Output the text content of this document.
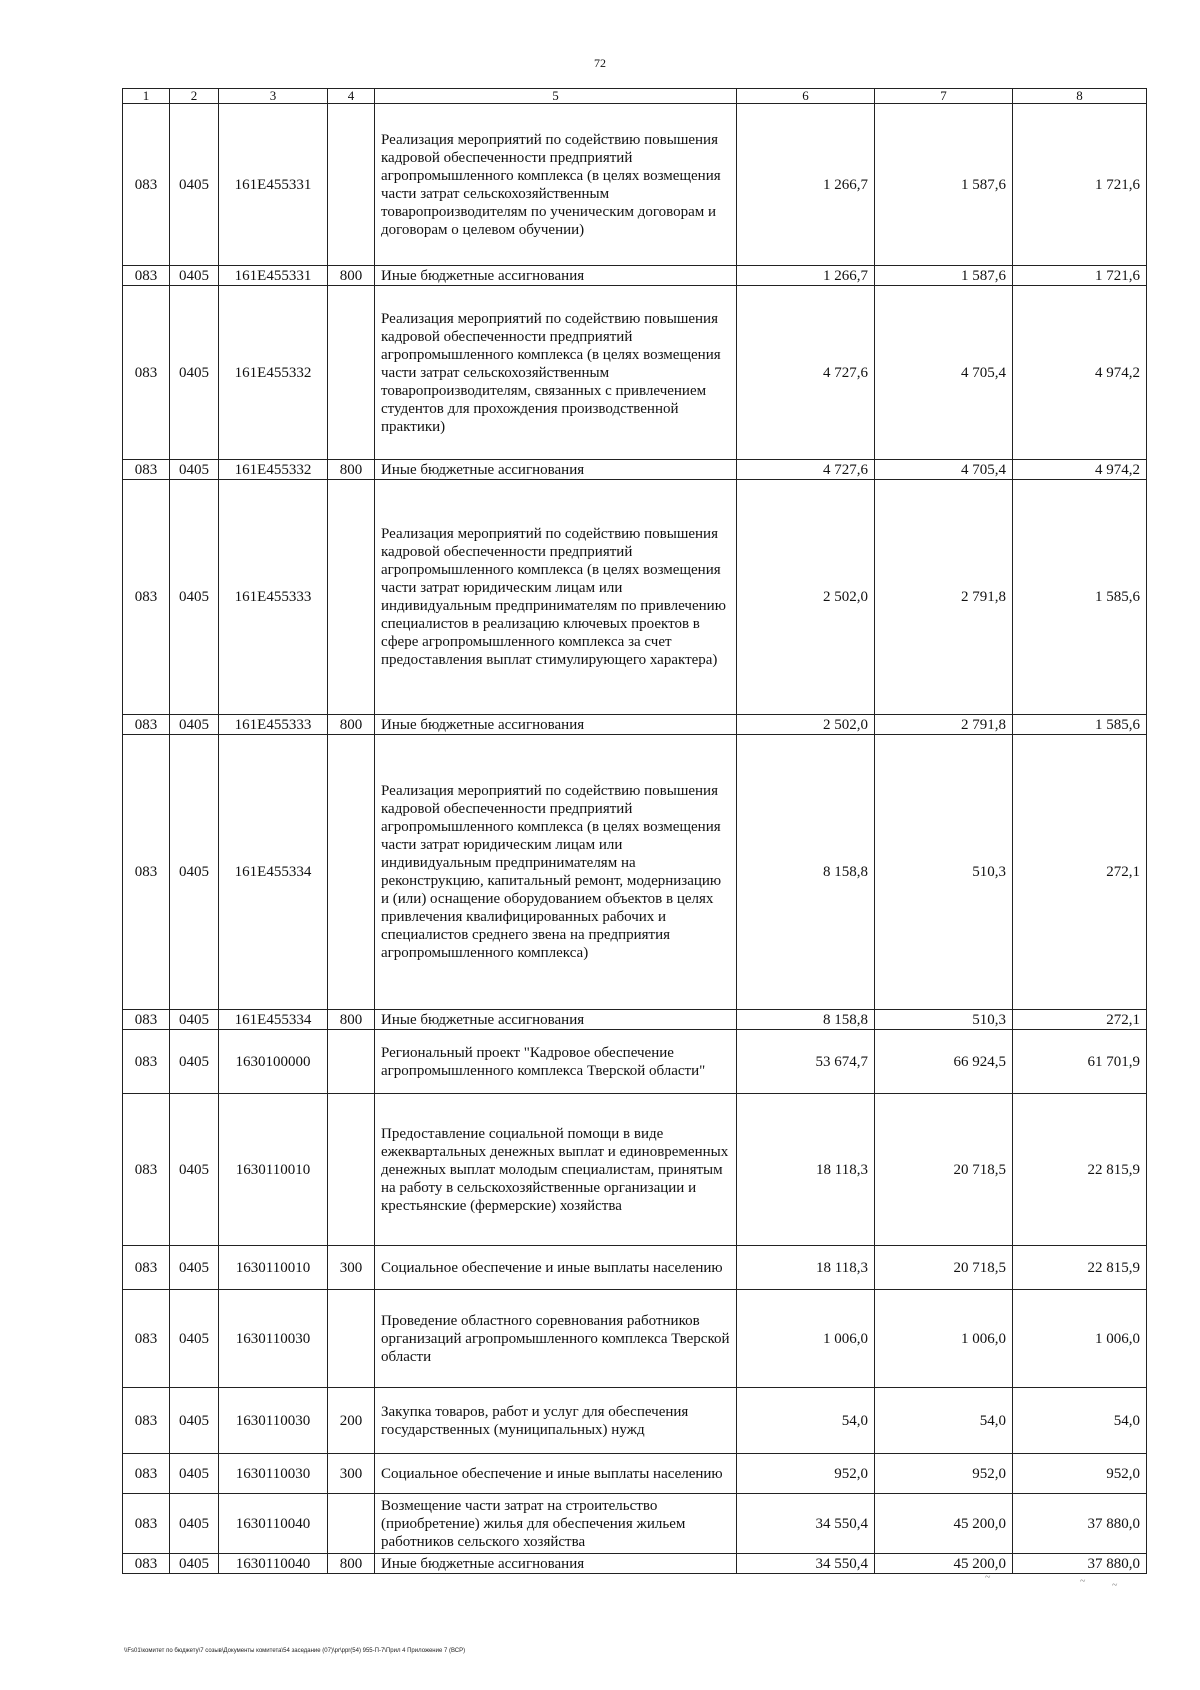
72
1	2	3	4	5	6	7	8
083	0405	161E455331		Реализация мероприятий по содействию повышения кадровой обеспеченности предприятий агропромышленного комплекса (в целях возмещения части затрат сельскохозяйственным товаропроизводителям по ученическим договорам и договорам о целевом обучении)	1 266,7	1 587,6	1 721,6
083	0405	161E455331	800	Иные бюджетные ассигнования	1 266,7	1 587,6	1 721,6
083	0405	161E455332		Реализация мероприятий по содействию повышения кадровой обеспеченности предприятий агропромышленного комплекса (в целях возмещения части затрат сельскохозяйственным товаропроизводителям, связанных с привлечением студентов для прохождения производственной практики)	4 727,6	4 705,4	4 974,2
083	0405	161E455332	800	Иные бюджетные ассигнования	4 727,6	4 705,4	4 974,2
083	0405	161E455333		Реализация мероприятий по содействию повышения кадровой обеспеченности предприятий агропромышленного комплекса (в целях возмещения части затрат юридическим лицам или индивидуальным предпринимателям по привлечению специалистов в реализацию ключевых проектов в сфере агропромышленного комплекса за счет предоставления выплат стимулирующего характера)	2 502,0	2 791,8	1 585,6
083	0405	161E455333	800	Иные бюджетные ассигнования	2 502,0	2 791,8	1 585,6
083	0405	161E455334		Реализация мероприятий по содействию повышения кадровой обеспеченности предприятий агропромышленного комплекса (в целях возмещения части затрат юридическим лицам или индивидуальным предпринимателям на реконструкцию, капитальный ремонт, модернизацию и (или) оснащение оборудованием объектов в целях привлечения квалифицированных рабочих и специалистов среднего звена на предприятия агропромышленного комплекса)	8 158,8	510,3	272,1
083	0405	161E455334	800	Иные бюджетные ассигнования	8 158,8	510,3	272,1
083	0405	1630100000		Региональный проект "Кадровое обеспечение агропромышленного комплекса Тверской области"	53 674,7	66 924,5	61 701,9
083	0405	1630110010		Предоставление социальной помощи в виде ежеквартальных денежных выплат и единовременных денежных выплат молодым специалистам, принятым на работу в сельскохозяйственные организации и крестьянские (фермерские) хозяйства	18 118,3	20 718,5	22 815,9
083	0405	1630110010	300	Социальное обеспечение и иные выплаты населению	18 118,3	20 718,5	22 815,9
083	0405	1630110030		Проведение областного соревнования работников организаций агропромышленного комплекса Тверской области	1 006,0	1 006,0	1 006,0
083	0405	1630110030	200	Закупка товаров, работ и услуг для обеспечения государственных (муниципальных) нужд	54,0	54,0	54,0
083	0405	1630110030	300	Социальное обеспечение и иные выплаты населению	952,0	952,0	952,0
083	0405	1630110040		Возмещение части затрат на строительство (приобретение) жилья для обеспечения жильем работников сельского хозяйства	34 550,4	45 200,0	37 880,0
083	0405	1630110040	800	Иные бюджетные ассигнования	34 550,4	45 200,0	37 880,0
~	~	~
\\Fs01\комитет по бюджету\7 созыв\Документы комитета\54 заседание (07)\pr\ppr(54) 955-П-7\Прил 4 Приложение 7 (ВСР)
